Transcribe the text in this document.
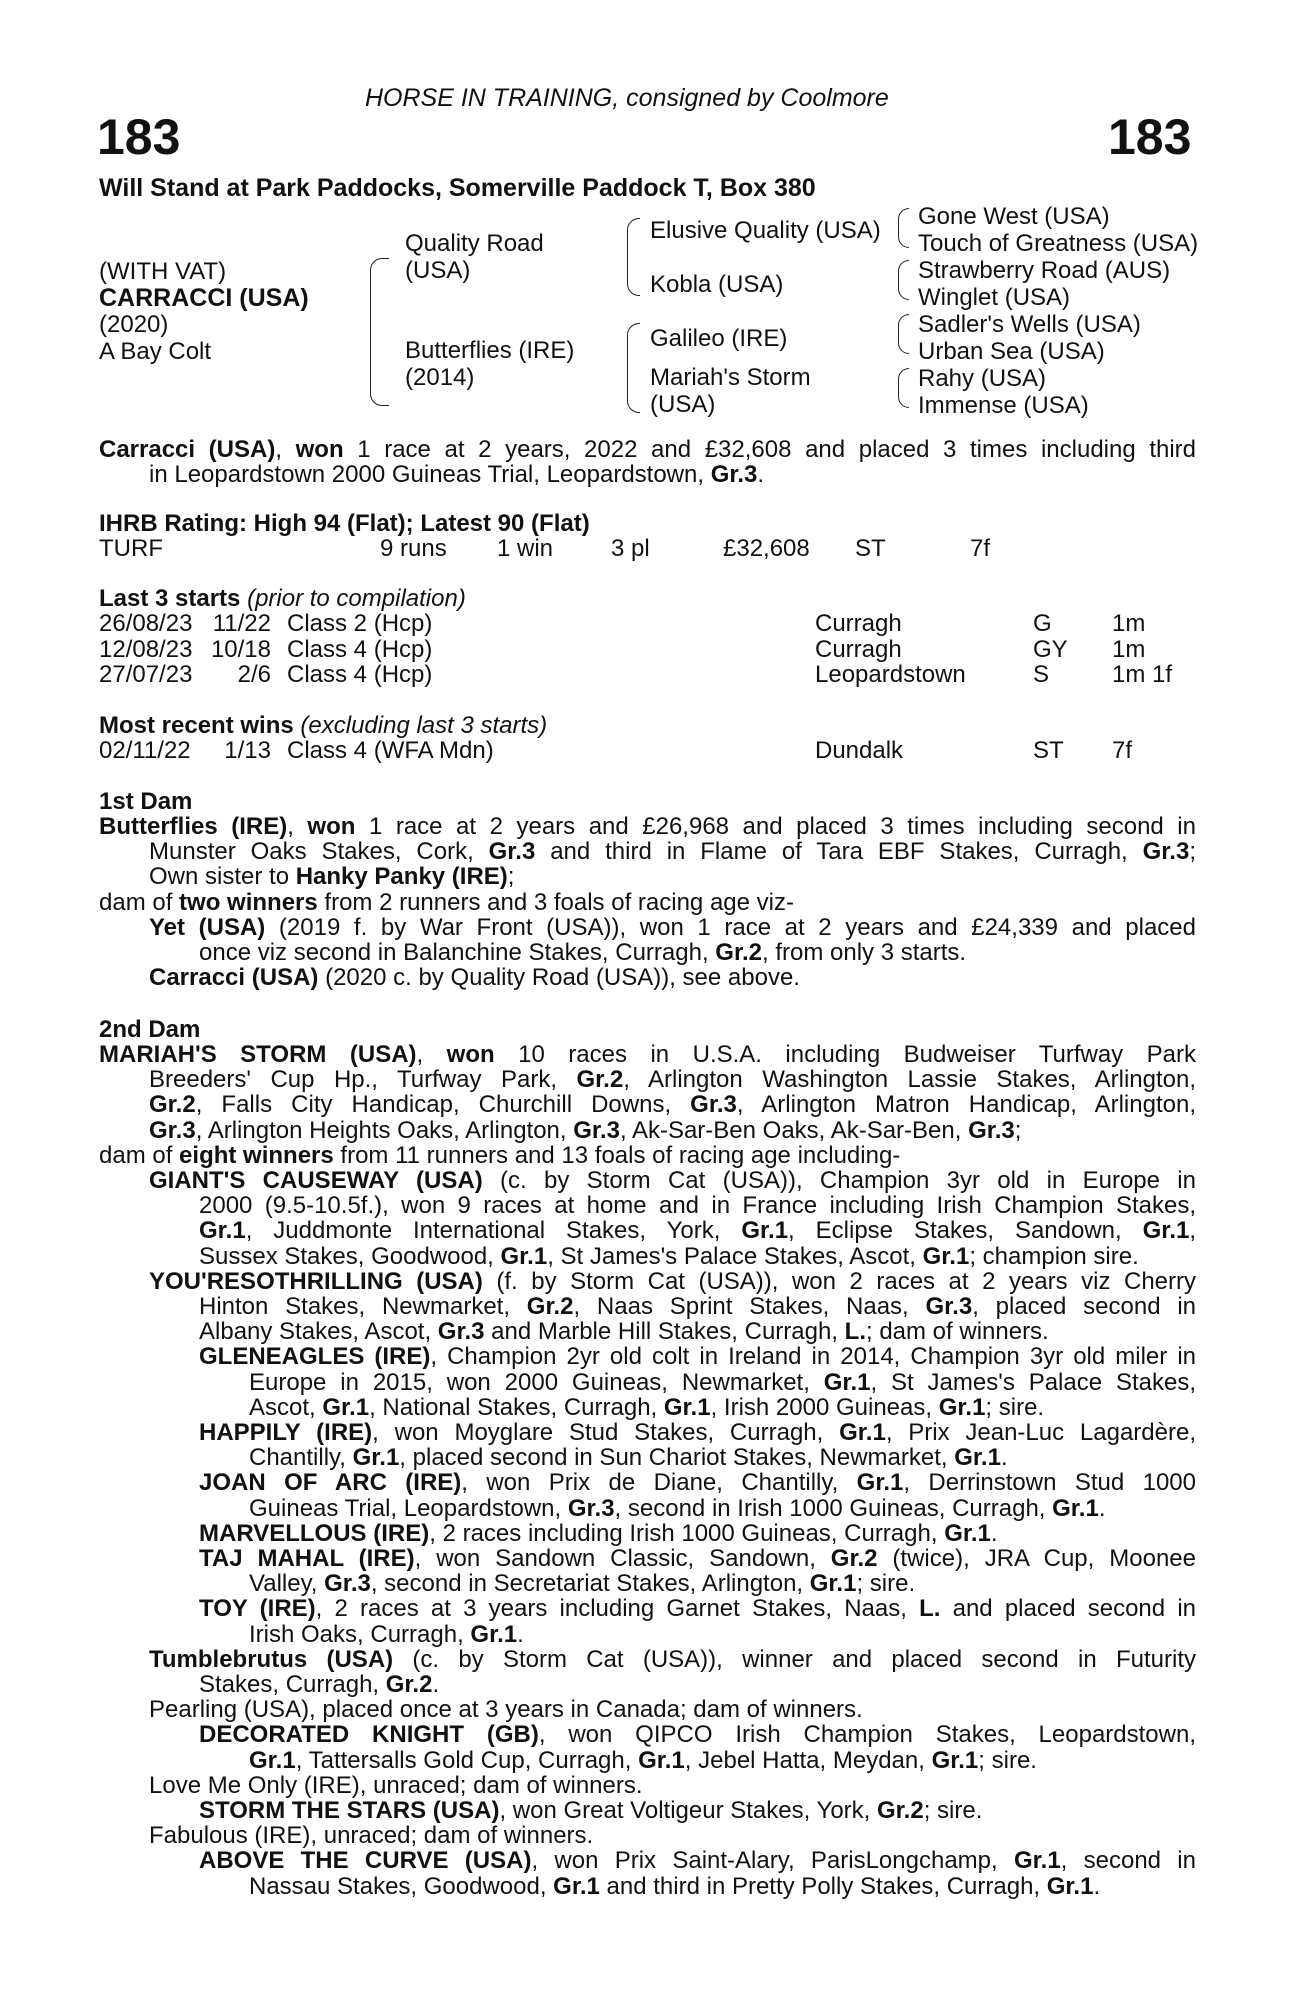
HORSE IN TRAINING, consigned by Coolmore
183	183
Will Stand at Park Paddocks, Somerville Paddock T, Box 380
(WITH VAT)
CARRACCI (USA)
(2020)
A Bay Colt
Quality Road
(USA)
Butterflies (IRE)
(2014)
Elusive Quality (USA)
Kobla (USA)
Galileo (IRE)
Mariah's Storm
(USA)
Gone West (USA)
Touch of Greatness (USA)
Strawberry Road (AUS)
Winglet (USA)
Sadler's Wells (USA)
Urban Sea (USA)
Rahy (USA)
Immense (USA)
Carracci (USA), won 1 race at 2 years, 2022 and £32,608 and placed 3 times including third
in Leopardstown 2000 Guineas Trial, Leopardstown, Gr.3.
IHRB Rating: High 94 (Flat); Latest 90 (Flat)
TURF	9 runs 1 win 3 pl	£32,608 ST	7f
Last 3 starts (prior to compilation)
26/08/23 11/22 Class 2 (Hcp)	Curragh	G	1m
12/08/23 10/18 Class 4 (Hcp)	Curragh	GY 1m
27/07/23 2/6 Class 4 (Hcp)	Leopardstown	S	1m 1f
Most recent wins (excluding last 3 starts)
02/11/22 1/13 Class 4 (WFA Mdn)	Dundalk	ST 7f
1st Dam
Butterflies (IRE), won 1 race at 2 years and £26,968 and placed 3 times including second in
Munster Oaks Stakes, Cork, Gr.3 and third in Flame of Tara EBF Stakes, Curragh, Gr.3;
Own sister to Hanky Panky (IRE);
dam of two winners from 2 runners and 3 foals of racing age viz-
Yet (USA) (2019 f. by War Front (USA)), won 1 race at 2 years and £24,339 and placed
once viz second in Balanchine Stakes, Curragh, Gr.2, from only 3 starts.
Carracci (USA) (2020 c. by Quality Road (USA)), see above.
2nd Dam
MARIAH'S STORM (USA), won 10 races in U.S.A. including Budweiser Turfway Park
Breeders' Cup Hp., Turfway Park, Gr.2, Arlington Washington Lassie Stakes, Arlington,
Gr.2, Falls City Handicap, Churchill Downs, Gr.3, Arlington Matron Handicap, Arlington,
Gr.3, Arlington Heights Oaks, Arlington, Gr.3, Ak-Sar-Ben Oaks, Ak-Sar-Ben, Gr.3;
dam of eight winners from 11 runners and 13 foals of racing age including-
GIANT'S CAUSEWAY (USA) (c. by Storm Cat (USA)), Champion 3yr old in Europe in
2000 (9.5-10.5f.), won 9 races at home and in France including Irish Champion Stakes,
Gr.1, Juddmonte International Stakes, York, Gr.1, Eclipse Stakes, Sandown, Gr.1,
Sussex Stakes, Goodwood, Gr.1, St James's Palace Stakes, Ascot, Gr.1; champion sire.
YOU'RESOTHRILLING (USA) (f. by Storm Cat (USA)), won 2 races at 2 years viz Cherry
Hinton Stakes, Newmarket, Gr.2, Naas Sprint Stakes, Naas, Gr.3, placed second in
Albany Stakes, Ascot, Gr.3 and Marble Hill Stakes, Curragh, L.; dam of winners.
GLENEAGLES (IRE), Champion 2yr old colt in Ireland in 2014, Champion 3yr old miler in
Europe in 2015, won 2000 Guineas, Newmarket, Gr.1, St James's Palace Stakes,
Ascot, Gr.1, National Stakes, Curragh, Gr.1, Irish 2000 Guineas, Gr.1; sire.
HAPPILY (IRE), won Moyglare Stud Stakes, Curragh, Gr.1, Prix Jean-Luc Lagardère,
Chantilly, Gr.1, placed second in Sun Chariot Stakes, Newmarket, Gr.1.
JOAN OF ARC (IRE), won Prix de Diane, Chantilly, Gr.1, Derrinstown Stud 1000
Guineas Trial, Leopardstown, Gr.3, second in Irish 1000 Guineas, Curragh, Gr.1.
MARVELLOUS (IRE), 2 races including Irish 1000 Guineas, Curragh, Gr.1.
TAJ MAHAL (IRE), won Sandown Classic, Sandown, Gr.2 (twice), JRA Cup, Moonee
Valley, Gr.3, second in Secretariat Stakes, Arlington, Gr.1; sire.
TOY (IRE), 2 races at 3 years including Garnet Stakes, Naas, L. and placed second in
Irish Oaks, Curragh, Gr.1.
Tumblebrutus (USA) (c. by Storm Cat (USA)), winner and placed second in Futurity
Stakes, Curragh, Gr.2.
Pearling (USA), placed once at 3 years in Canada; dam of winners.
DECORATED KNIGHT (GB), won QIPCO Irish Champion Stakes, Leopardstown,
Gr.1, Tattersalls Gold Cup, Curragh, Gr.1, Jebel Hatta, Meydan, Gr.1; sire.
Love Me Only (IRE), unraced; dam of winners.
STORM THE STARS (USA), won Great Voltigeur Stakes, York, Gr.2; sire.
Fabulous (IRE), unraced; dam of winners.
ABOVE THE CURVE (USA), won Prix Saint-Alary, ParisLongchamp, Gr.1, second in
Nassau Stakes, Goodwood, Gr.1 and third in Pretty Polly Stakes, Curragh, Gr.1.
